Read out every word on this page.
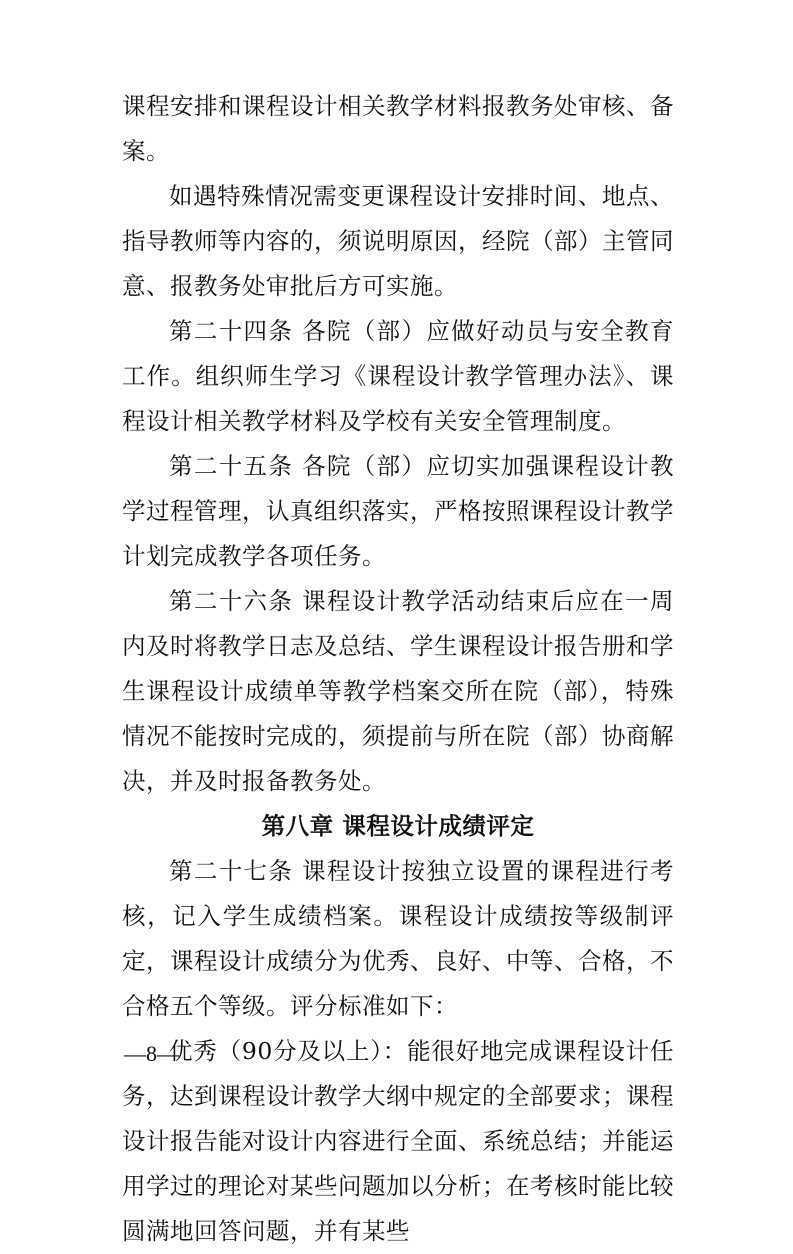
课程安排和课程设计相关教学材料报教务处审核、备案。

如遇特殊情况需变更课程设计安排时间、地点、指导教师等内容的，须说明原因，经院（部）主管同意、报教务处审批后方可实施。

第二十四条 各院（部）应做好动员与安全教育工作。组织师生学习《课程设计教学管理办法》、课程设计相关教学材料及学校有关安全管理制度。

第二十五条 各院（部）应切实加强课程设计教学过程管理，认真组织落实，严格按照课程设计教学计划完成教学各项任务。

第二十六条 课程设计教学活动结束后应在一周内及时将教学日志及总结、学生课程设计报告册和学生课程设计成绩单等教学档案交所在院（部），特殊情况不能按时完成的，须提前与所在院（部）协商解决，并及时报备教务处。

第八章 课程设计成绩评定

第二十七条 课程设计按独立设置的课程进行考核，记入学生成绩档案。课程设计成绩按等级制评定，课程设计成绩分为优秀、良好、中等、合格，不合格五个等级。评分标准如下：

优秀（90分及以上）：能很好地完成课程设计任务，达到课程设计教学大纲中规定的全部要求；课程设计报告能对设计内容进行全面、系统总结；并能运用学过的理论对某些问题加以分析；在考核时能比较圆满地回答问题，并有某些

—8—
